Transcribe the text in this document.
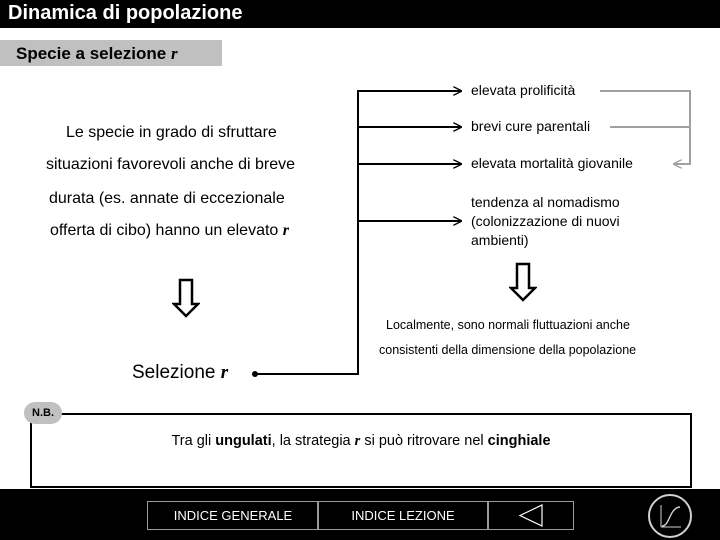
Dinamica di popolazione
Specie a selezione r
Le specie in grado di sfruttare
situazioni favorevoli anche di breve
durata (es. annate di eccezionale
offerta di cibo) hanno un elevato r
elevata prolificità
brevi cure parentali
elevata mortalità giovanile
tendenza al nomadismo (colonizzazione di nuovi ambienti)
Localmente, sono normali fluttuazioni anche
consistenti della dimensione della popolazione
Selezione r
Tra gli ungulati, la strategia r si può ritrovare nel cinghiale
N.B.
INDICE GENERALE	INDICE LEZIONE
